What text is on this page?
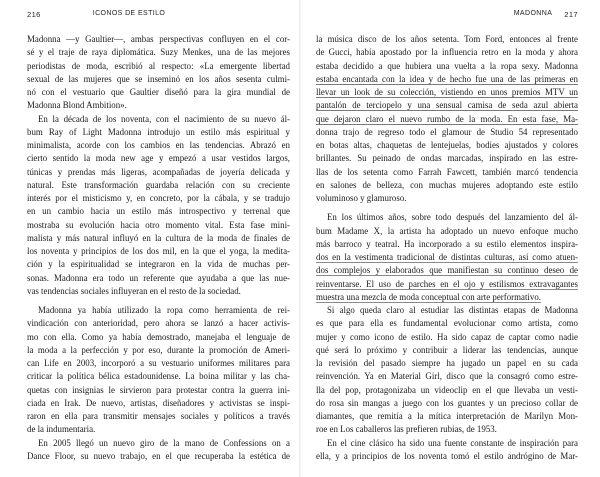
216	ICONOS DE ESTILO
Madonna —y Gaultier—, ambas perspectivas confluyen en el cor-
sé y el traje de raya diplomática. Suzy Menkes, una de las mejores
periodistas de moda, escribió al respecto: «La emergente libertad
sexual de las mujeres que se inseminó en los años sesenta culmi-
nó con el vestuario que Gaultier diseñó para la gira mundial de
Madonna Blond Ambition».
En la década de los noventa, con el nacimiento de su nuevo ál-
bum Ray of Light Madonna introdujo un estilo más espiritual y
minimalista, acorde con los cambios en las tendencias. Abrazó en
cierto sentido la moda new age y empezó a usar vestidos largos,
túnicas y prendas más ligeras, acompañadas de joyería delicada y
natural. Este transformación guardaba relación con su creciente
interés por el misticismo y, en concreto, por la cábala, y se tradujo
en un cambio hacia un estilo más introspectivo y terrenal que
mostraba su evolución hacia otro momento vital. Esta fase mini-
malista y más natural influyó en la cultura de la moda de finales de
los noventa y principios de los dos mil, en la que el yoga, la medita-
ción y la espiritualidad se integraron en la vida de muchas per-
sonas. Madonna era todo un referente que ayudaba a que las nue-
vas tendencias sociales influyeran en el resto de la sociedad.
Madonna ya había utilizado la ropa como herramienta de rei-
vindicación con anterioridad, pero ahora se lanzó a hacer activis-
mo con ella. Como ya había demostrado, manejaba el lenguaje de
la moda a la perfección y por eso, durante la promoción de Ameri-
can Life en 2003, incorporó a su vestuario uniformes militares para
criticar la política bélica estadounidense. La boina militar y las cha-
quetas con insignias le sirvieron para protestar contra la guerra ini-
ciada en Irak. De nuevo, artistas, diseñadores y activistas se inspi-
raron en ella para transmitir mensajes sociales y políticos a través
de la indumentaria.
En 2005 llegó un nuevo giro de la mano de Confessions on a
Dance Floor, su nuevo trabajo, en el que recuperaba la estética de
MADONNA 217
la música disco de los años setenta. Tom Ford, entonces al frente
de Gucci, había apostado por la influencia retro en la moda y ahora
estaba decidido a que hubiera una vuelta a la ropa sexy. Madonna
estaba encantada con la idea y de hecho fue una de las primeras en
llevar un look de su colección, vistiendo en unos premios MTV un
pantalón de terciopelo y una sensual camisa de seda azul abierta
que dejaron claro el nuevo rumbo de la moda. En esta fase, Ma-
donna trajo de regreso todo el glamour de Studio 54 representado
en botas altas, chaquetas de lentejuelas, bodies ajustados y colores
brillantes. Su peinado de ondas marcadas, inspirado en las estre-
llas de los setenta como Farrah Fawcett, también marcó tendencia
en salones de belleza, con muchas mujeres adoptando este estilo
voluminoso y glamuroso.
En los últimos años, sobre todo después del lanzamiento del ál-
bum Madame X, la artista ha adoptado un nuevo enfoque mucho
más barroco y teatral. Ha incorporado a su estilo elementos inspira-
dos en la vestimenta tradicional de distintas culturas, así como atuen-
dos complejos y elaborados que manifiestan su continuo deseo de
reinventarse. El uso de parches en el ojo y estilismos extravagantes
muestra una mezcla de moda conceptual con arte performativo.
Si algo queda claro al estudiar las distintas etapas de Madonna
es que para ella es fundamental evolucionar como artista, como
mujer y como icono de estilo. Ha sido capaz de captar como nadie
qué será lo próximo y contribuir a liderar las tendencias, aunque
la revisión del pasado siempre ha jugado un papel en su cada
reinvención. Ya en Material Girl, disco que la consagró como estre-
lla del pop, protagonizaba un videoclip en el que llevaba un vesti-
do rosa sin mangas a juego con los guantes y un precioso collar de
diamantes, que remitía a la mítica interpretación de Marilyn Mon-
roe en Los caballeros las prefieren rubias, de 1953.
En el cine clásico ha sido una fuente constante de inspiración para
ella, y a principios de los noventa tomó el estilo andrógino de Mar-
